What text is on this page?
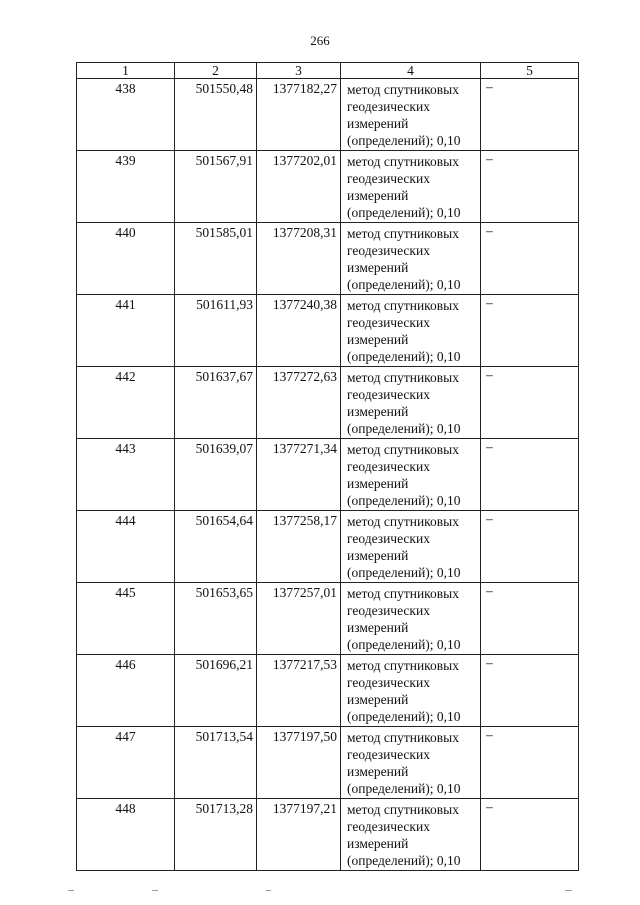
266
1	2	3	4	5
438	501550,48	1377182,27	метод спутниковых геодезических измерений (определений); 0,10	–
439	501567,91	1377202,01	метод спутниковых геодезических измерений (определений); 0,10	–
440	501585,01	1377208,31	метод спутниковых геодезических измерений (определений); 0,10	–
441	501611,93	1377240,38	метод спутниковых геодезических измерений (определений); 0,10	–
442	501637,67	1377272,63	метод спутниковых геодезических измерений (определений); 0,10	–
443	501639,07	1377271,34	метод спутниковых геодезических измерений (определений); 0,10	–
444	501654,64	1377258,17	метод спутниковых геодезических измерений (определений); 0,10	–
445	501653,65	1377257,01	метод спутниковых геодезических измерений (определений); 0,10	–
446	501696,21	1377217,53	метод спутниковых геодезических измерений (определений); 0,10	–
447	501713,54	1377197,50	метод спутниковых геодезических измерений (определений); 0,10	–
448	501713,28	1377197,21	метод спутниковых геодезических измерений (определений); 0,10	–
